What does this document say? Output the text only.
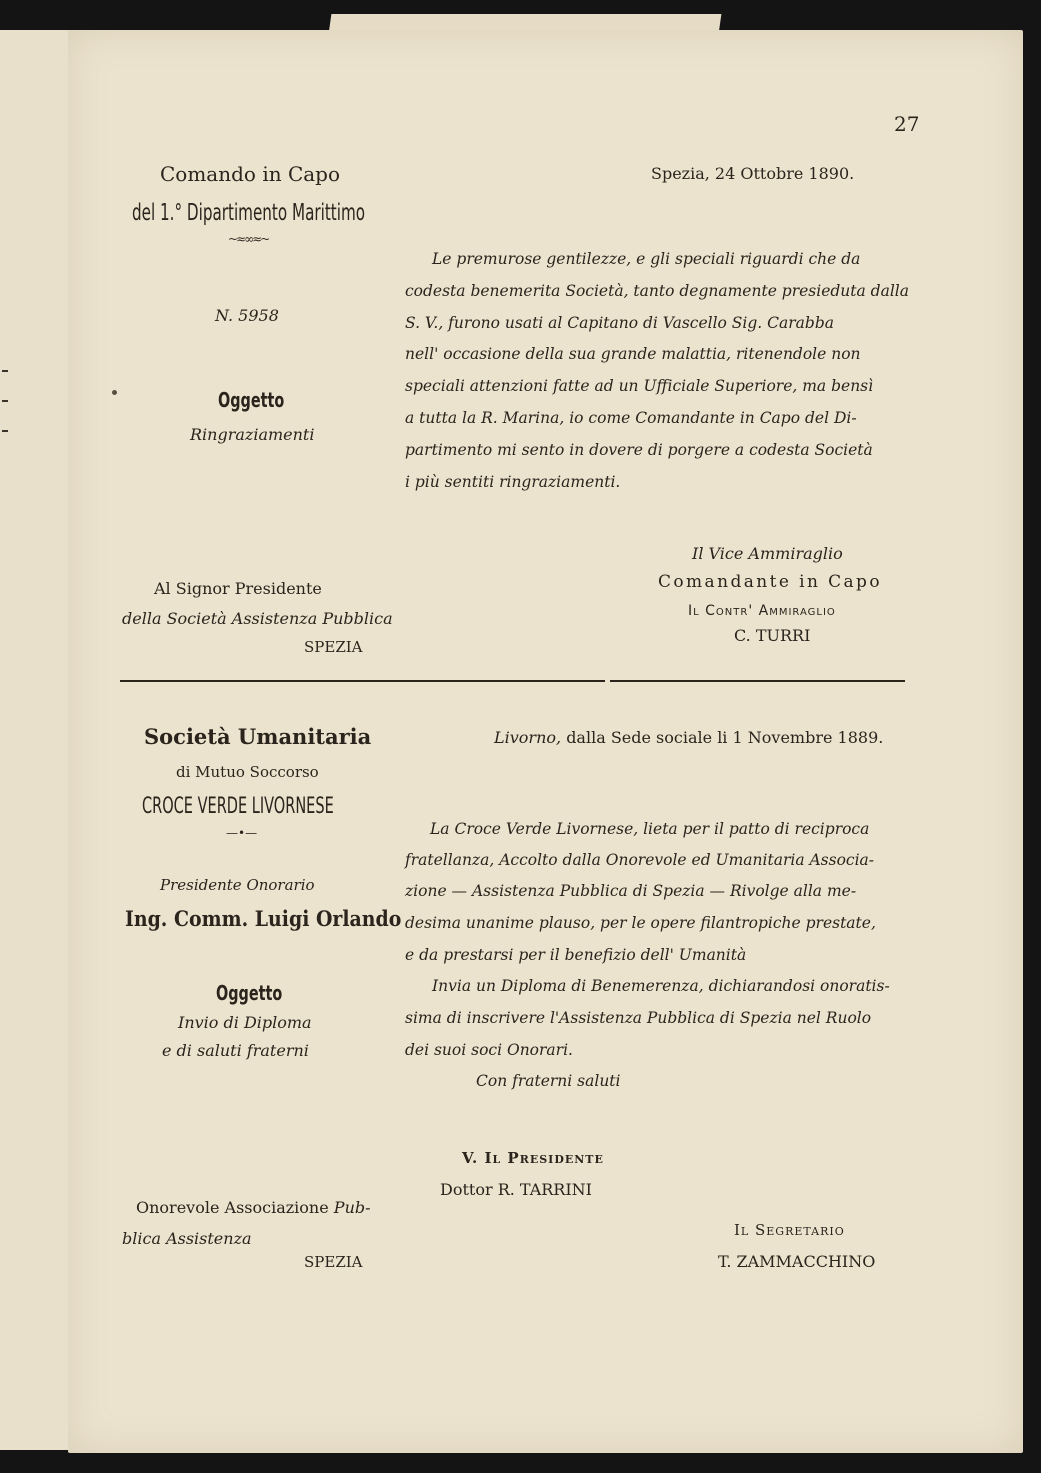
27
Comando in Capo
del 1.° Dipartimento Marittimo
~≈∞≈~
Spezia, 24 Ottobre 1890.
N. 5958
Oggetto
Ringraziamenti
Le premurose gentilezze, e gli speciali riguardi che da
codesta benemerita Società, tanto degnamente presieduta dalla
S. V., furono usati al Capitano di Vascello Sig. Carabba
nell' occasione della sua grande malattia, ritenendole non
speciali attenzioni fatte ad un Ufficiale Superiore, ma bensì
a tutta la R. Marina, io come Comandante in Capo del Di-
partimento mi sento in dovere di porgere a codesta Società
i più sentiti ringraziamenti.
Al Signor Presidente
della Società Assistenza Pubblica
SPEZIA
Il Vice Ammiraglio
Comandante in Capo
Il Contr' Ammiraglio
C. TURRI
Società Umanitaria
di Mutuo Soccorso
CROCE VERDE LIVORNESE
—•—
Livorno, dalla Sede sociale li 1 Novembre 1889.
Presidente Onorario
Ing. Comm. Luigi Orlando
Oggetto
Invio di Diploma
e di saluti fraterni
La Croce Verde Livornese, lieta per il patto di reciproca
fratellanza, Accolto dalla Onorevole ed Umanitaria Associa-
zione — Assistenza Pubblica di Spezia — Rivolge alla me-
desima unanime plauso, per le opere filantropiche prestate,
e da prestarsi per il benefizio dell' Umanità
Invia un Diploma di Benemerenza, dichiarandosi onoratis-
sima di inscrivere l'Assistenza Pubblica di Spezia nel Ruolo
dei suoi soci Onorari.
Con fraterni saluti
V. Il Presidente
Dottor R. TARRINI
Onorevole Associazione Pub-
blica Assistenza
SPEZIA
Il Segretario
T. ZAMMACCHINO
